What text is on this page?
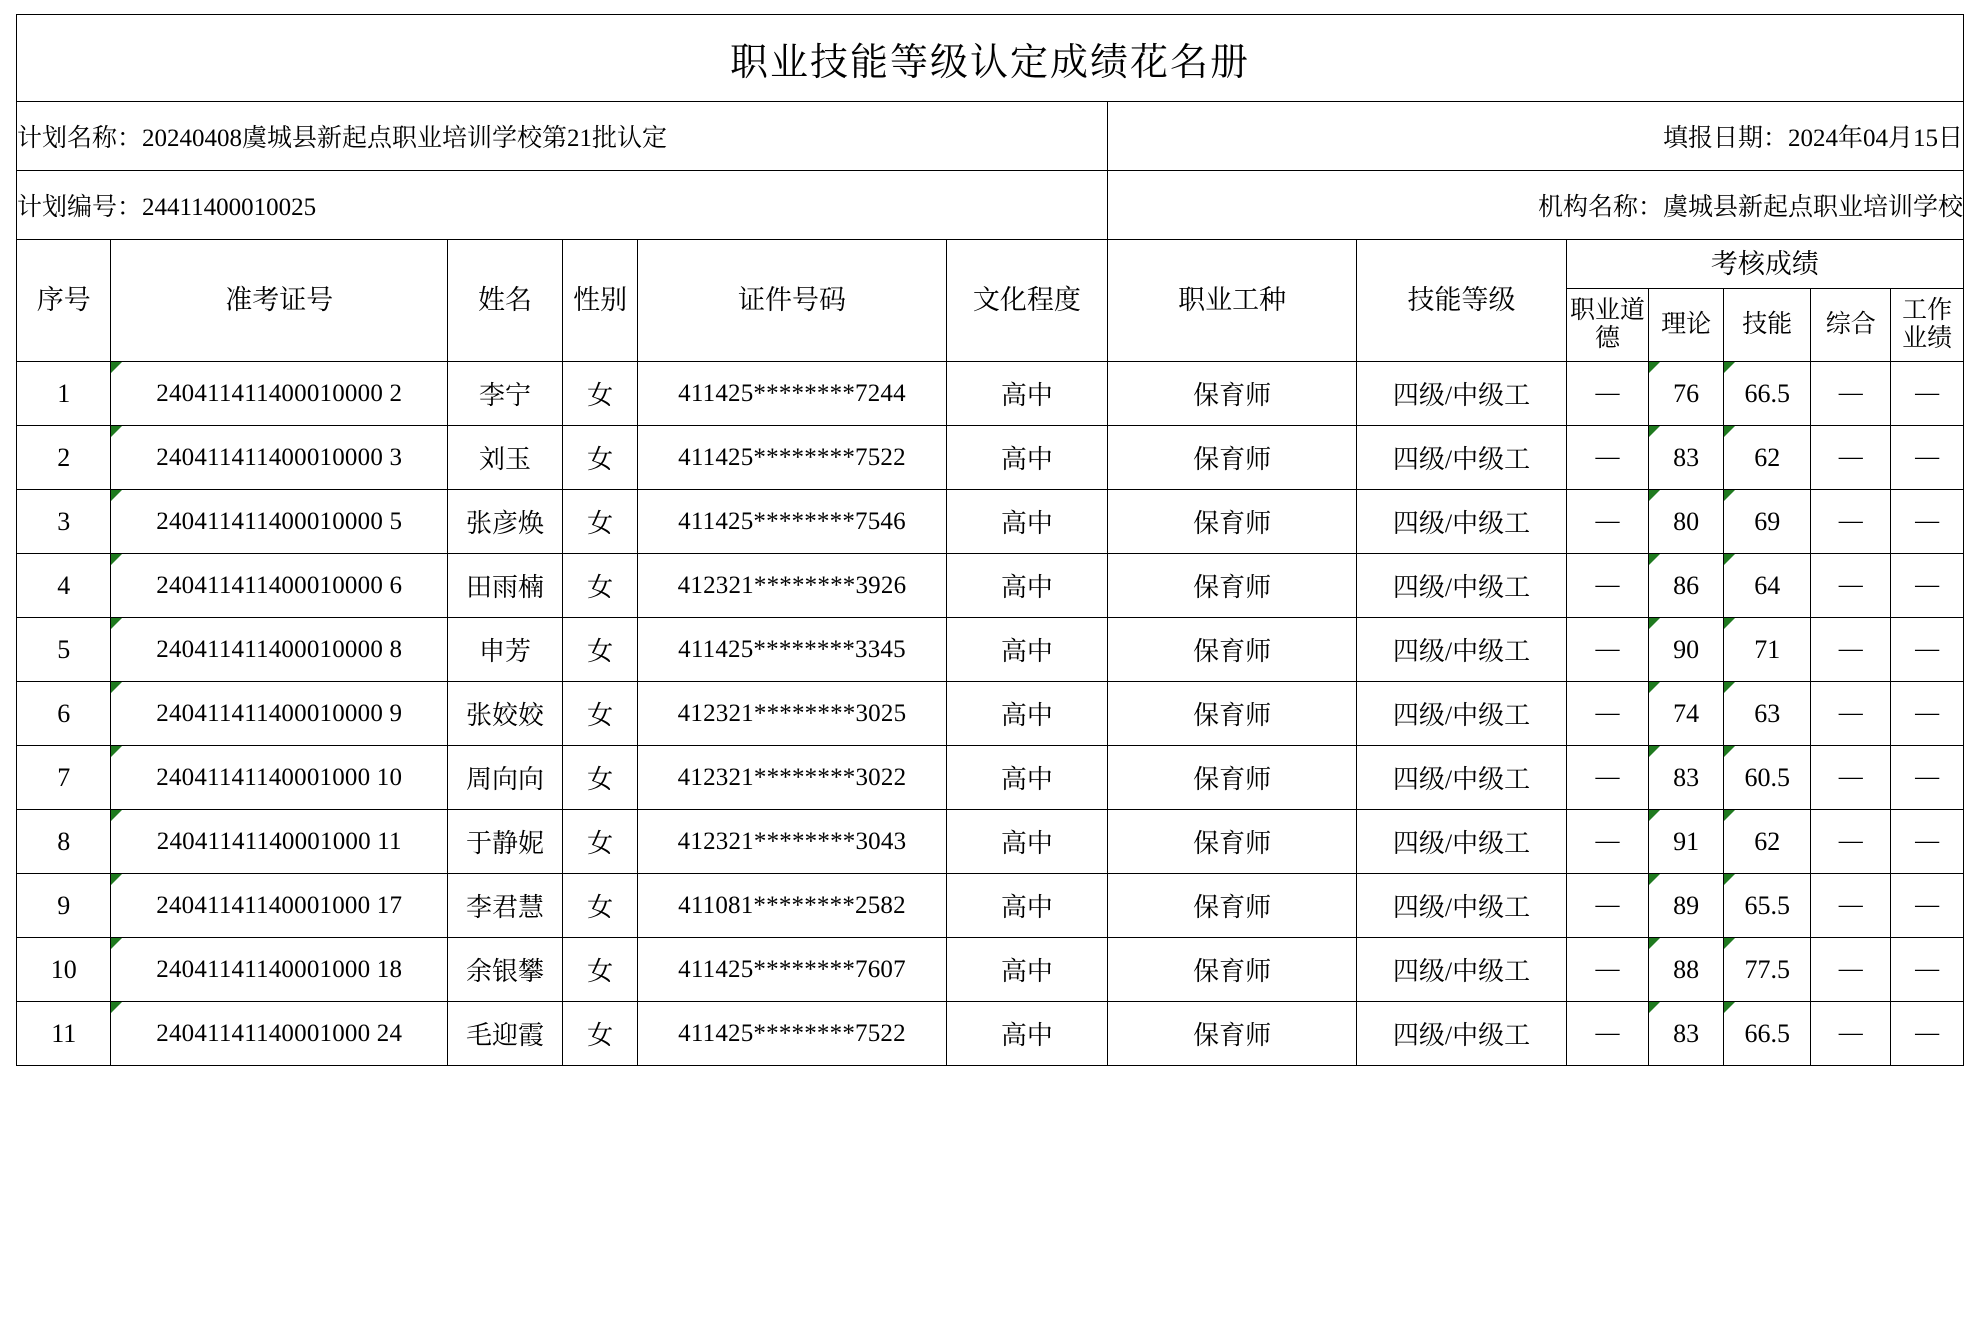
职业技能等级认定成绩花名册												
计划名称：20240408虞城县新起点职业培训学校第21批认定						填报日期：2024年04月15日						
计划编号：24411400010025						机构名称：虞城县新起点职业培训学校						
序号	准考证号	姓名	性别	证件号码	文化程度	职业工种	技能等级	考核成绩				
								职业道德	理论	技能	综合	工作业绩
1	240411411400010000 2	李宁	女	411425********7244	高中	保育师	四级/中级工	—	76	66.5	—	—
2	240411411400010000 3	刘玉	女	411425********7522	高中	保育师	四级/中级工	—	83	62	—	—
3	240411411400010000 5	张彦焕	女	411425********7546	高中	保育师	四级/中级工	—	80	69	—	—
4	240411411400010000 6	田雨楠	女	412321********3926	高中	保育师	四级/中级工	—	86	64	—	—
5	240411411400010000 8	申芳	女	411425********3345	高中	保育师	四级/中级工	—	90	71	—	—
6	240411411400010000 9	张姣姣	女	412321********3025	高中	保育师	四级/中级工	—	74	63	—	—
7	24041141140001000 10	周向向	女	412321********3022	高中	保育师	四级/中级工	—	83	60.5	—	—
8	24041141140001000 11	于静妮	女	412321********3043	高中	保育师	四级/中级工	—	91	62	—	—
9	24041141140001000 17	李君慧	女	411081********2582	高中	保育师	四级/中级工	—	89	65.5	—	—
10	24041141140001000 18	余银攀	女	411425********7607	高中	保育师	四级/中级工	—	88	77.5	—	—
11	24041141140001000 24	毛迎霞	女	411425********7522	高中	保育师	四级/中级工	—	83	66.5	—	—
